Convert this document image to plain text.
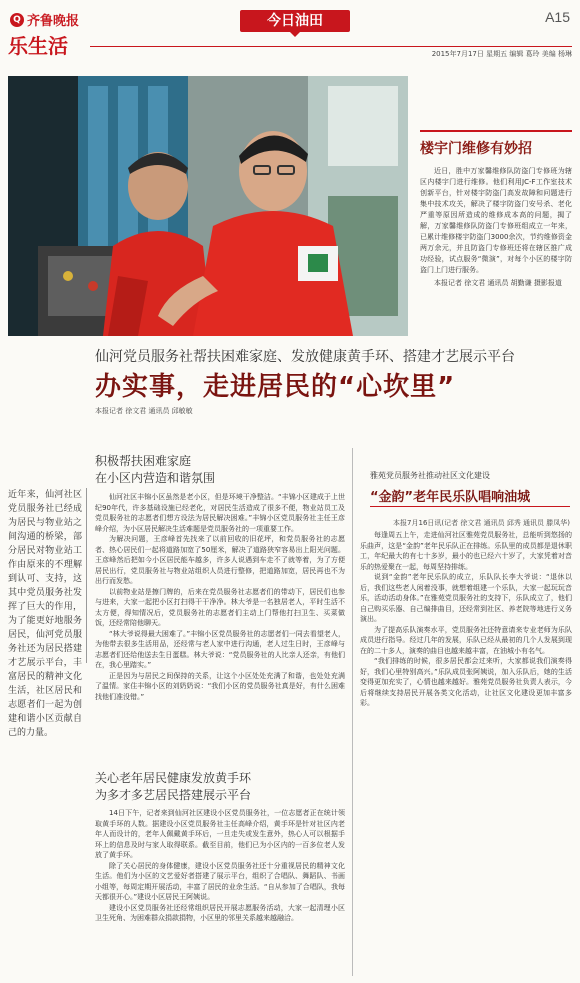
Q 齐鲁晚报	今日油田	A15
乐生活	2015年7月17日 星期五 编辑 葛玲 美编 杨琳
楼宇门维修有妙招

近日，胜中万家馨维修队防盗门专修班为辖区内楼宇门进行维修。他们利用JC-F工作室技术创新平台，针对楼宇防盗门高发故障和问题进行集中技术攻关，解决了楼宇防盗门安号杀、老化严重等原因所造成的维修成本高的问题，揭了解，万家馨维修队防盗门专修班组成立一年来，已累计维修楼宇防盗门3000余次，节约维修资金两万余元，并且防盗门专修班还将在辖区推广成功经验，试点服务“微演”，对每个小区的楼宇防盗门上门进行服务。

本报记者 徐文君 通讯员 胡勤谦 摄影报道

仙河党员服务社帮扶困难家庭、发放健康黄手环、搭建才艺展示平台
办实事，走进居民的“心坎里”
本报记者 徐文君 通讯员 邱敏敏
近年来，仙河社区党员服务社已经成为居民与物业站之间沟通的桥梁，部分居民对物业站工作由原来的不理解到认可、支持，这其中党员服务社发挥了巨大的作用，为了能更好地服务居民，仙河党员服务社还为居民搭建才艺展示平台，丰富居民的精神文化生活，社区居民和志愿者们一起为创建和谐小区贡献自己的力量。
积极帮扶困难家庭
在小区内营造和谐氛围

仙河社区丰锦小区虽然是老小区，但是环境干净整洁。“丰锦小区建成于上世纪90年代，许多基础设施已经老化，对居民生活造成了很多不便，物业站员工及党员服务社的志愿者们想方设法为居民解决困难。”丰锦小区党员服务社主任王彦峰介绍，为小区居民解决生活难题是党员服务社的一项重要工作。

为解决问题，王彦峰首先找来了以前回收的旧花坪，和党员服务社的志愿者、热心居民们一起将道路加宽了50厘米，解决了道路狭窄容易出上阳光问题。王彦峰然后把如今小区居民能车越多，许多人说遇到车走不了就等着，为了方便居民出行，党员服务社与物业站组织人员进行整修，把道路加宽，居民再也不为出行而发愁。

以前物业站是擦门牌的，后来在党员服务社志愿者们的带动下，居民们也参与进来，大家一起把小区打扫得干干净净。林大爷是一名独居老人，平时生活不太方便，得知情况后，党员服务社的志愿者们主动上门帮他打扫卫生、买菜做饭，还经常陪他聊天。

“林大爷说得最大困难了。”丰锦小区党员服务社的志愿者们一同去看望老人，为他带去很多生活用品，还经常与老人家中进行沟通，老人过生日时，王彦峰与志愿者们还给他送去生日蛋糕。林大爷说：“党员服务社的人比亲人还亲，有他们在，我心里踏实。”

正是因为与居民之间保持的关系，让这个小区处处充满了和谐，也处处充满了温情。家住丰锦小区的刘奶奶说：“我们小区的党员服务社真是好，有什么困难找他们准没错。”

关心老年居民健康发放黄手环
为多才多艺居民搭建展示平台

14日下午，记者来到仙河社区建设小区党员服务社，一位志愿者正在统计领取黄手环的人数。据建设小区党员服务社主任高峰介绍，黄手环是针对社区内老年人而设计的，老年人佩戴黄手环后，一旦走失或发生意外，热心人可以根据手环上的信息及时与家人取得联系。截至目前，他们已为小区内的一百多位老人发放了黄手环。

除了关心居民的身体健康，建设小区党员服务社还十分重视居民的精神文化生活。他们为小区的文艺爱好者搭建了展示平台，组织了合唱队、舞蹈队、书画小组等，每周定期开展活动，丰富了居民的业余生活。“自从参加了合唱队，我每天都很开心。”建设小区居民王阿姨说。

建设小区党员服务社还经常组织居民开展志愿服务活动，大家一起清理小区卫生死角、为困难群众捐款捐物，小区里的邻里关系越来越融洽。

雅苑党员服务社推动社区文化建设
“金韵”老年民乐队唱响油城
本报7月16日讯(记者 徐文君 通讯员 邱秀 通讯员 滕凤华)

每逢周五上午，走进仙河社区雅苑党员服务社，总能听到悠扬的乐曲声，这是“金韵”老年民乐队正在排练。乐队里的成员都是退休职工，年纪最大的有七十多岁，最小的也已经六十岁了，大家凭着对音乐的热爱聚在一起，每周坚持排练。

说到“金韵”老年民乐队的成立，乐队队长李大爷说：“退休以后，我们这些老人闲着没事，就想着组建一个乐队，大家一起玩玩音乐，活动活动身体。”在雅苑党员服务社的支持下，乐队成立了，他们自己购买乐器、自己编排曲目，还经常到社区、养老院等地进行义务演出。

为了提高乐队演奏水平，党员服务社还特意请来专业老师为乐队成员进行指导。经过几年的发展，乐队已经从最初的几个人发展到现在的二十多人，演奏的曲目也越来越丰富，在油城小有名气。

“我们排练的时候，很多居民都会过来听，大家都说我们演奏得好，我们心里特别高兴。”乐队成员张阿姨说，加入乐队后，她的生活变得更加充实了，心情也越来越好。雅苑党员服务社负责人表示，今后将继续支持居民开展各类文化活动，让社区文化建设更加丰富多彩。
